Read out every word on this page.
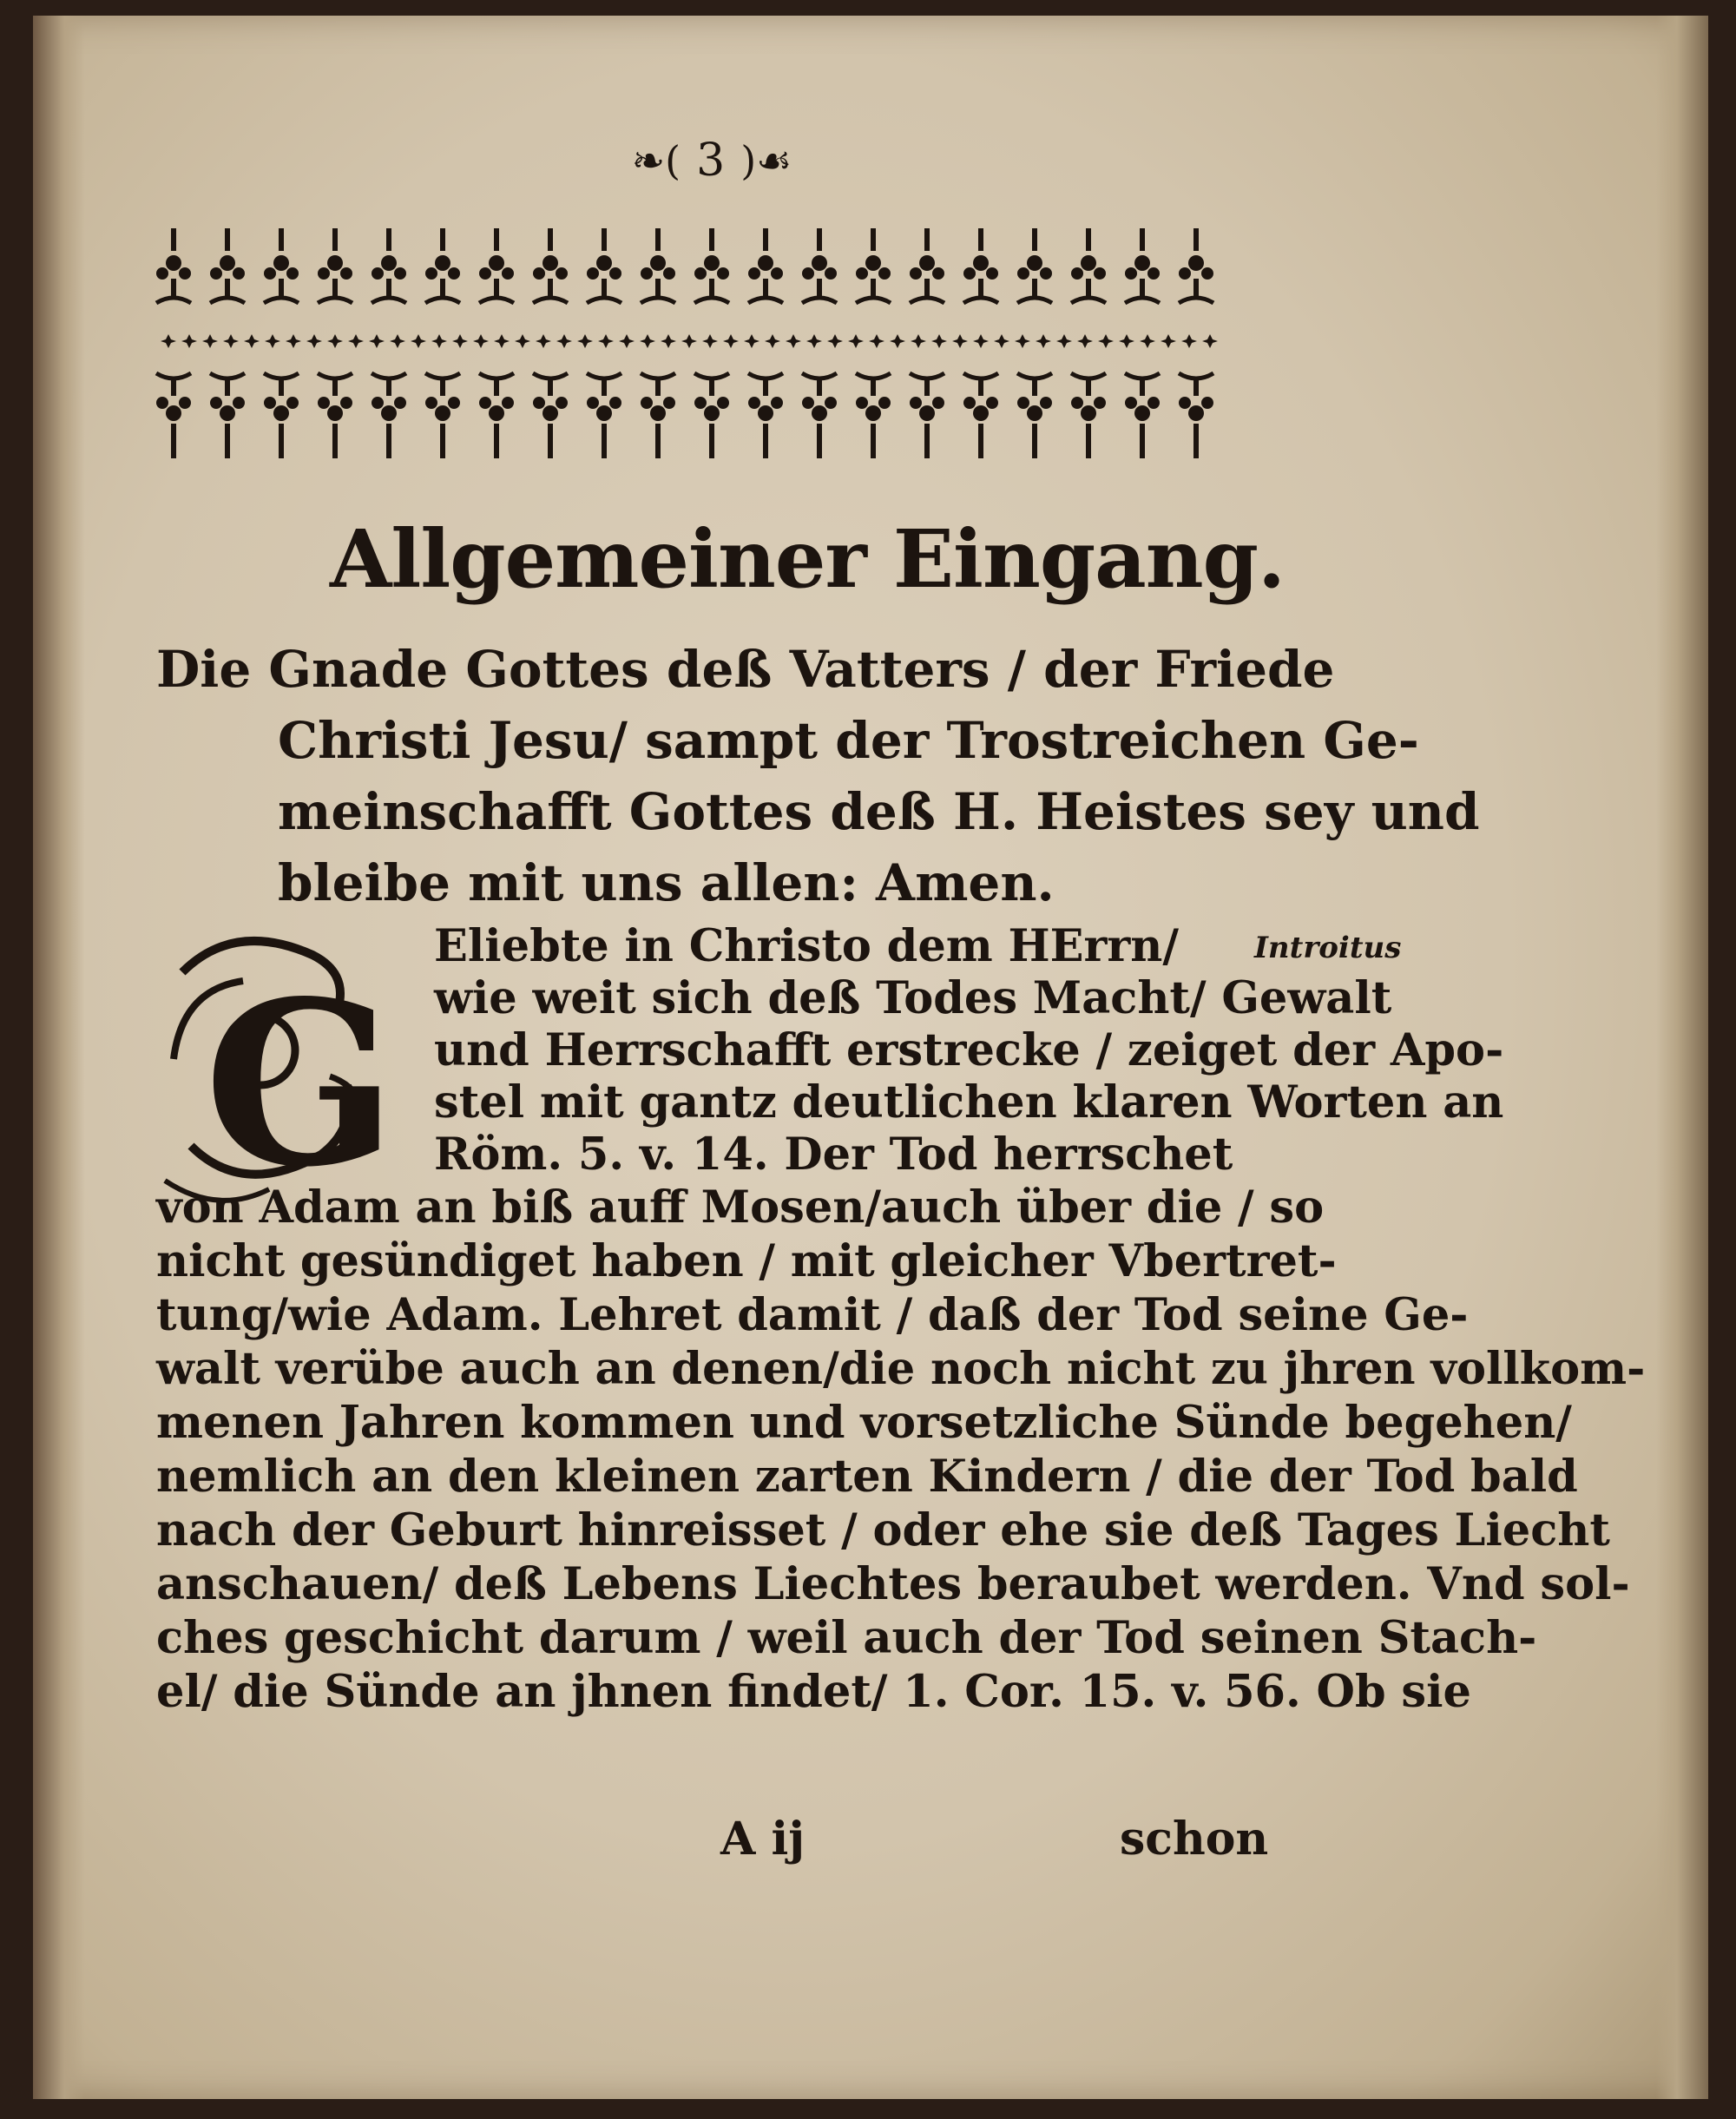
❧( 3 )☙
Allgemeiner Eingang.
Die Gnade Gottes deß Vatters / der Friede
Christi Jesu/ sampt der Trostreichen Ge-
meinschafft Gottes deß H. Heistes sey und
bleibe mit uns allen: Amen.
G
Eliebte in Christo dem HErrn/
wie weit sich deß Todes Macht/ Gewalt
und Herrschafft erstrecke / zeiget der Apo-
stel mit gantz deutlichen klaren Worten an
Röm. 5. v. 14. Der Tod herrschet
Introitus
von Adam an biß auff Mosen/auch über die / so
nicht gesündiget haben / mit gleicher Vbertret-
tung/wie Adam. Lehret damit / daß der Tod seine Ge-
walt verübe auch an denen/die noch nicht zu jhren vollkom-
menen Jahren kommen und vorsetzliche Sünde begehen/
nemlich an den kleinen zarten Kindern / die der Tod bald
nach der Geburt hinreisset / oder ehe sie deß Tages Liecht
anschauen/ deß Lebens Liechtes beraubet werden. Vnd sol-
ches geschicht darum / weil auch der Tod seinen Stach-
el/ die Sünde an jhnen findet/ 1. Cor. 15. v. 56. Ob sie
A ij	schon
